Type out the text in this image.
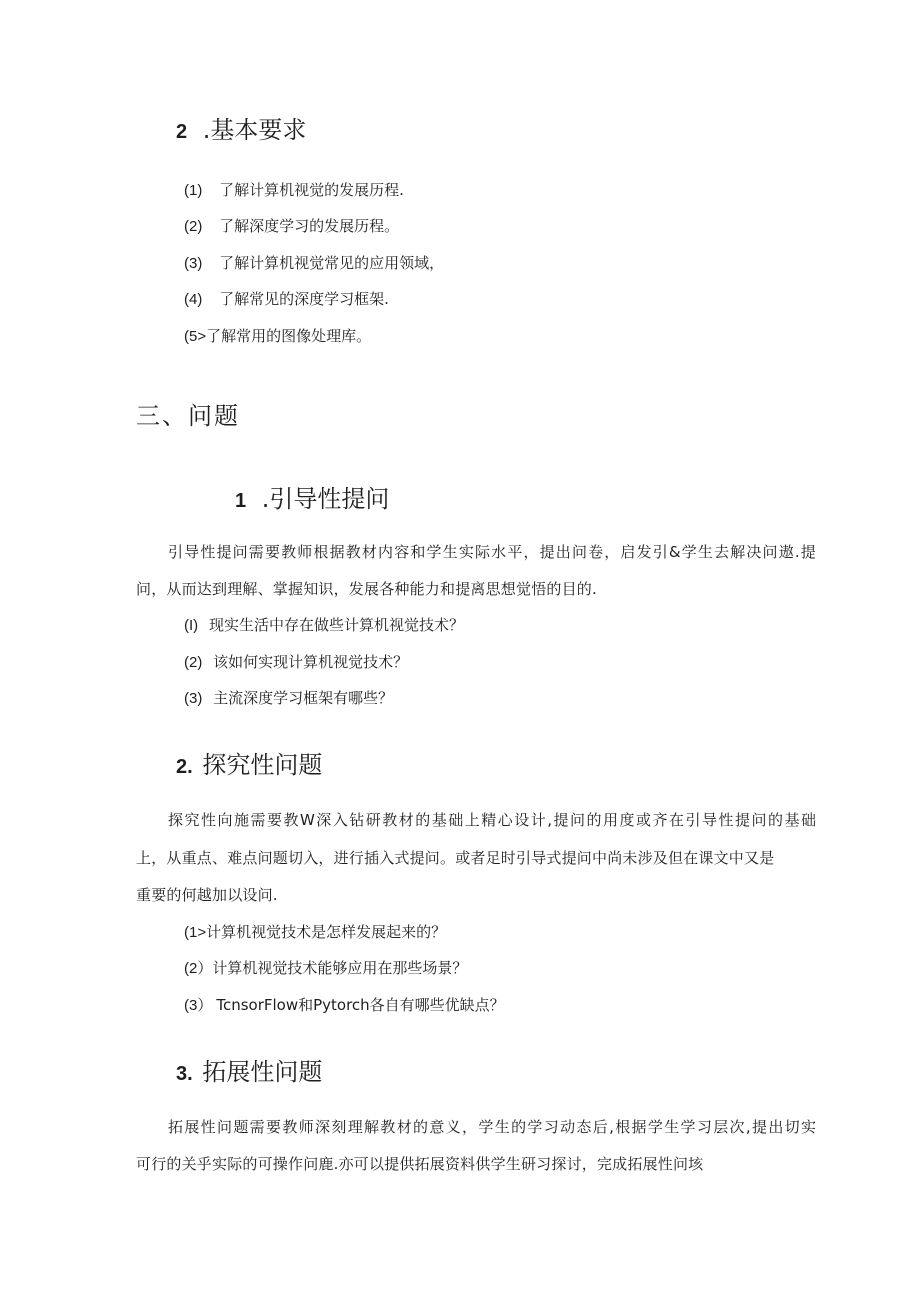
2 .基本要求
(1) 了解计算机视觉的发展历程.
(2) 了解深度学习的发展历程。
(3) 了解计算机视觉常见的应用领域，
(4) 了解常见的深度学习框架.
(5>了解常用的图像处理库。
三、问题
1 .引导性提问
引导性提问需要教师根据教材内容和学生实际水平，提出问卷，启发引&学生去解决问遨.提
问，从而达到理解、掌握知识，发展各种能力和提离思想觉悟的目的.
(I) 现实生活中存在做些计算机视觉技术？
(2) 该如何实现计算机视觉技术？
(3) 主流深度学习框架有哪些？
2. 探究性问题
探究性向施需要教W深入钻研教材的基础上精心设计,提问的用度或齐在引导性提问的基础
上，从重点、难点问题切入，进行插入式提问。或者足时引导式提问中尚未涉及但在课文中又是
重要的何越加以设问.
(1>计算机视觉技术是怎样发展起来的？
(2）计算机视觉技术能够应用在那些场景？
(3） TcnsorFlow和Pytorch各自有哪些优缺点？
3. 拓展性问题
拓展性问题需要教师深刻理解教材的意义，学生的学习动态后,根据学生学习层次,提出切实
可行的关乎实际的可操作问鹿.亦可以提供拓展资料供学生研习探讨，完成拓展性问垓
